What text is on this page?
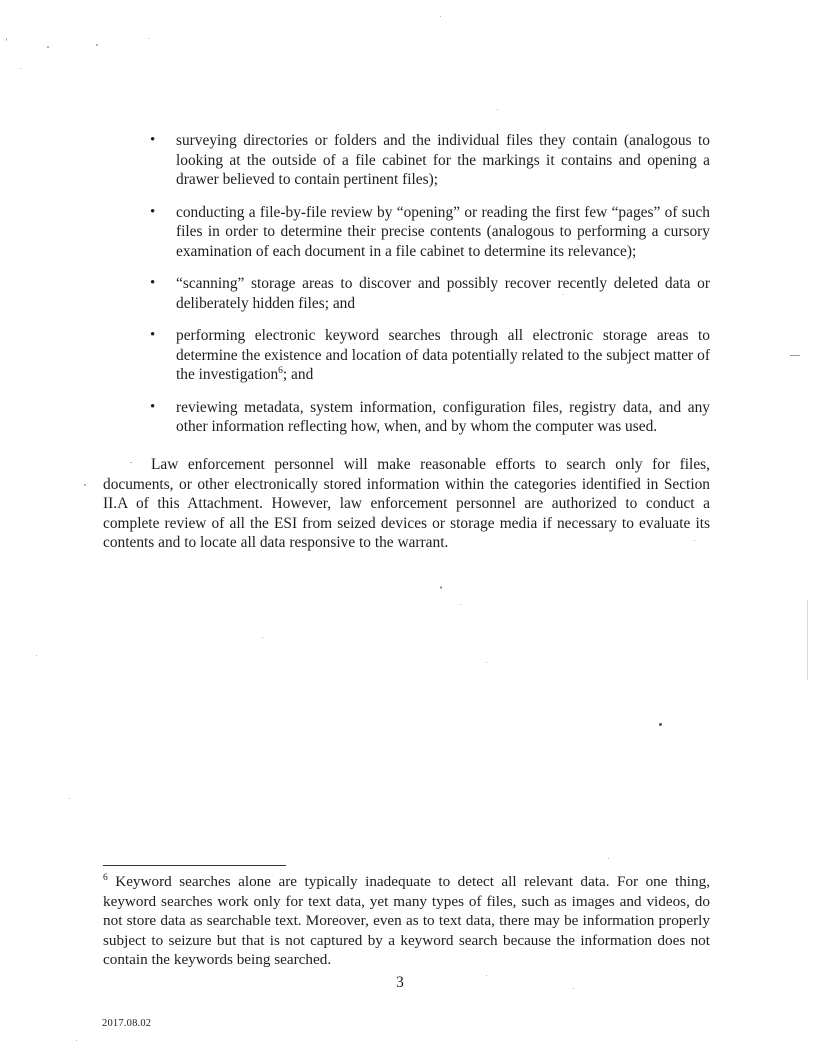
• surveying directories or folders and the individual files they contain (analogous to looking at the outside of a file cabinet for the markings it contains and opening a drawer believed to contain pertinent files);
• conducting a file-by-file review by “opening” or reading the first few “pages” of such files in order to determine their precise contents (analogous to performing a cursory examination of each document in a file cabinet to determine its relevance);
• “scanning” storage areas to discover and possibly recover recently deleted data or deliberately hidden files; and
• performing electronic keyword searches through all electronic storage areas to determine the existence and location of data potentially related to the subject matter of the investigation$^6$; and
• reviewing metadata, system information, configuration files, registry data, and any other information reflecting how, when, and by whom the computer was used.

Law enforcement personnel will make reasonable efforts to search only for files, documents, or other electronically stored information within the categories identified in Section II.A of this Attachment. However, law enforcement personnel are authorized to conduct a complete review of all the ESI from seized devices or storage media if necessary to evaluate its contents and to locate all data responsive to the warrant.

$^6$ Keyword searches alone are typically inadequate to detect all relevant data. For one thing, keyword searches work only for text data, yet many types of files, such as images and videos, do not store data as searchable text. Moreover, even as to text data, there may be information properly subject to seizure but that is not captured by a keyword search because the information does not contain the keywords being searched.

3
2017.08.02
